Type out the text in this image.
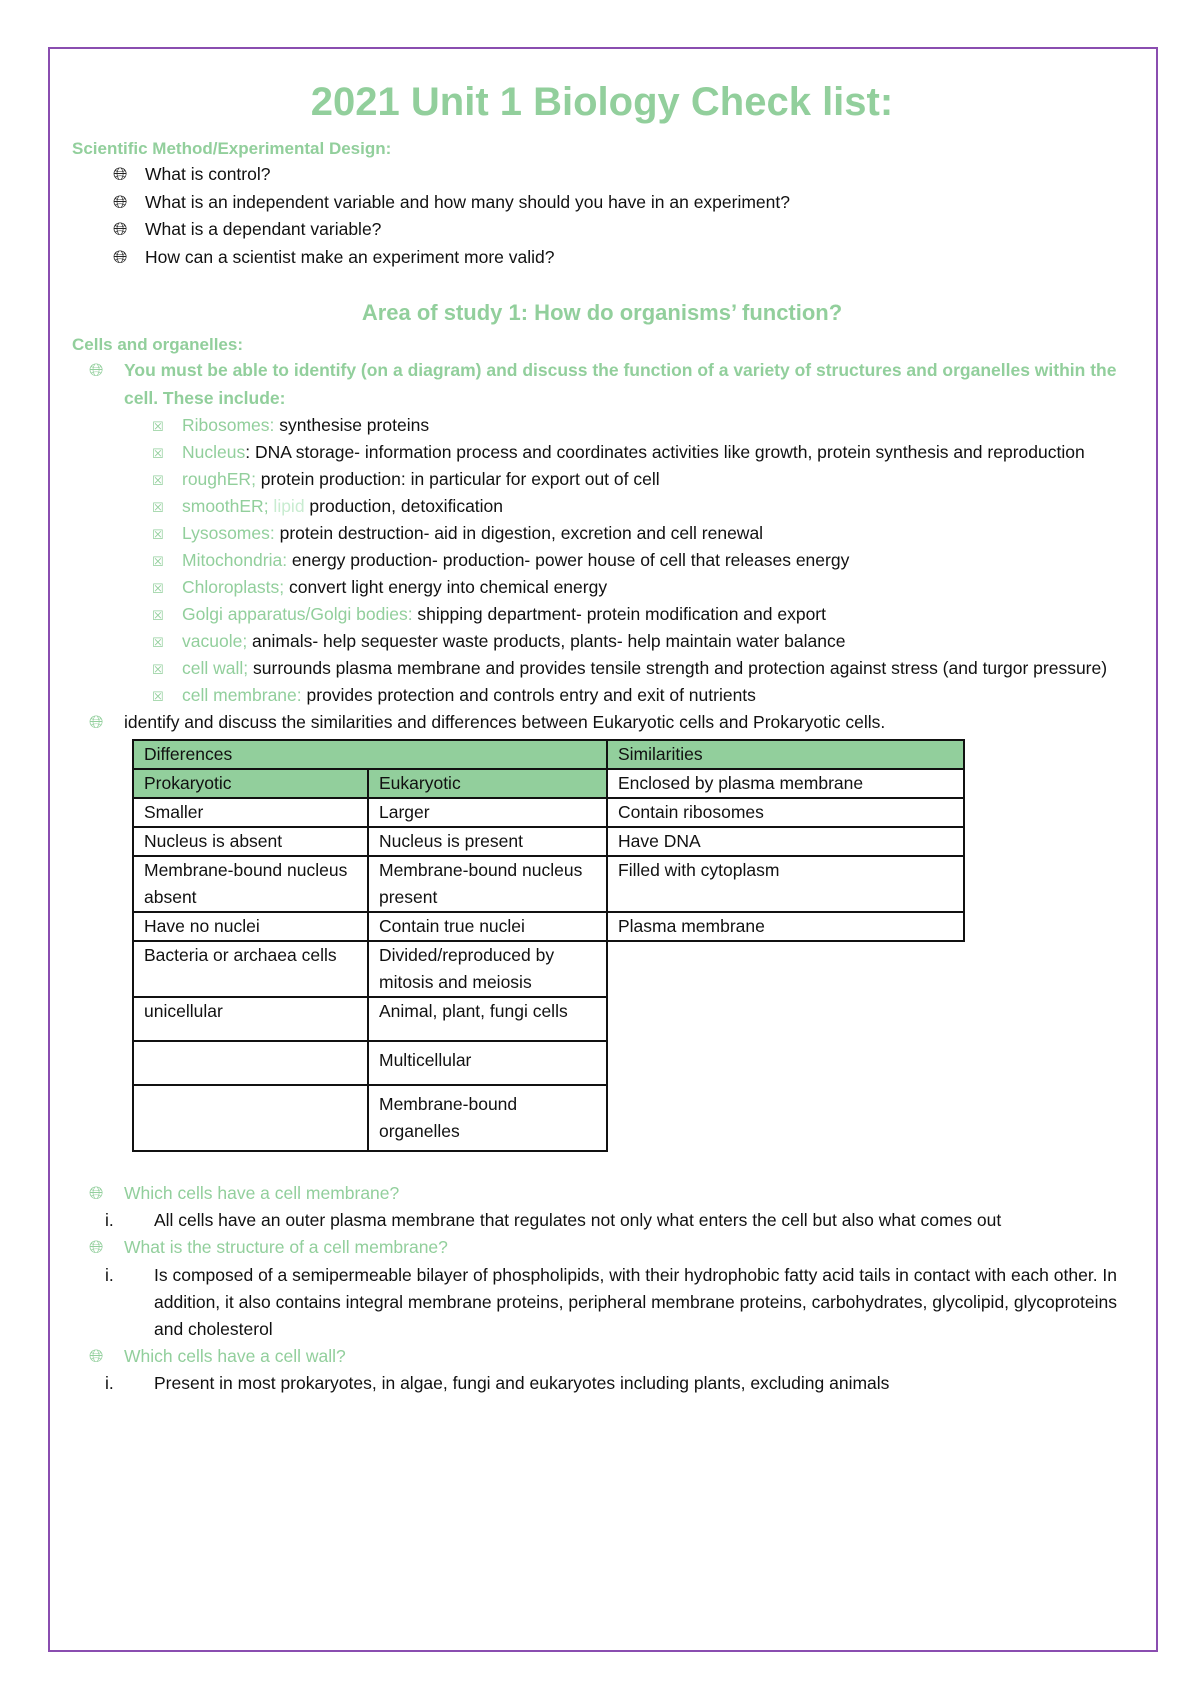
2021 Unit 1 Biology Check list:
Scientific Method/Experimental Design:
🌐︎ What is control?
🌐︎ What is an independent variable and how many should you have in an experiment?
🌐︎ What is a dependant variable?
🌐︎ How can a scientist make an experiment more valid?
Area of study 1: How do organisms’ function?
Cells and organelles:
🌐︎ You must be able to identify (on a diagram) and discuss the function of a variety of structures and organelles within the cell. These include:
☒ Ribosomes: synthesise proteins
☒ Nucleus: DNA storage- information process and coordinates activities like growth, protein synthesis and reproduction
☒ roughER; protein production: in particular for export out of cell
☒ smoothER; lipid production, detoxification
☒ Lysosomes: protein destruction- aid in digestion, excretion and cell renewal
☒ Mitochondria: energy production- production- power house of cell that releases energy
☒ Chloroplasts; convert light energy into chemical energy
☒ Golgi apparatus/Golgi bodies: shipping department- protein modification and export
☒ vacuole; animals- help sequester waste products, plants- help maintain water balance
☒ cell wall; surrounds plasma membrane and provides tensile strength and protection against stress (and turgor pressure)
☒ cell membrane: provides protection and controls entry and exit of nutrients
🌐︎ identify and discuss the similarities and differences between Eukaryotic cells and Prokaryotic cells.
Differences		Similarities
Prokaryotic	Eukaryotic	Enclosed by plasma membrane
Smaller	Larger	Contain ribosomes
Nucleus is absent	Nucleus is present	Have DNA
Membrane-bound nucleus absent	Membrane-bound nucleus present	Filled with cytoplasm
Have no nuclei	Contain true nuclei	Plasma membrane
Bacteria or archaea cells	Divided/reproduced by mitosis and meiosis	
unicellular	Animal, plant, fungi cells	
	Multicellular	
	Membrane-bound organelles	
🌐︎ Which cells have a cell membrane?
i. All cells have an outer plasma membrane that regulates not only what enters the cell but also what comes out
🌐︎ What is the structure of a cell membrane?
i. Is composed of a semipermeable bilayer of phospholipids, with their hydrophobic fatty acid tails in contact with each other. In addition, it also contains integral membrane proteins, peripheral membrane proteins, carbohydrates, glycolipid, glycoproteins and cholesterol
🌐︎ Which cells have a cell wall?
i. Present in most prokaryotes, in algae, fungi and eukaryotes including plants, excluding animals
